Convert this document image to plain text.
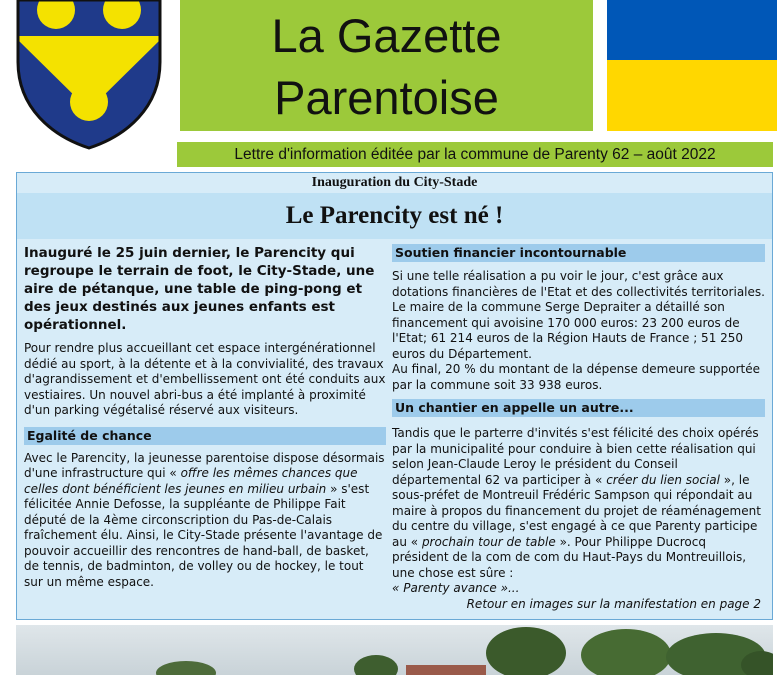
La Gazette
Parentoise
Lettre d'information éditée par la commune de Parenty 62 – août 2022
Inauguration du City-Stade
Le Parencity est né !

Inauguré le 25 juin dernier, le Parencity qui regroupe le terrain de foot, le City-Stade, une aire de pétanque, une table de ping-pong et des jeux destinés aux jeunes enfants est opérationnel.

Pour rendre plus accueillant cet espace intergénérationnel dédié au sport, à la détente et à la convivialité, des travaux d'agrandissement et d'embellissement ont été conduits aux vestiaires. Un nouvel abri-bus a été implanté à proximité d'un parking végétalisé réservé aux visiteurs.

Egalité de chance

Avec le Parencity, la jeunesse parentoise dispose désormais d'une infrastructure qui « offre les mêmes chances que celles dont bénéficient les jeunes en milieu urbain » s'est félicitée Annie Defosse, la suppléante de Philippe Fait député de la 4ème circonscription du Pas-de-Calais fraîchement élu. Ainsi, le City-Stade présente l'avantage de pouvoir accueillir des rencontres de hand-ball, de basket, de tennis, de badminton, de volley ou de hockey, le tout sur un même espace.

Soutien financier incontournable

Si une telle réalisation a pu voir le jour, c'est grâce aux dotations financières de l'Etat et des collectivités territoriales. Le maire de la commune Serge Depraiter a détaillé son financement qui avoisine 170 000 euros: 23 200 euros de l'Etat; 61 214 euros de la Région Hauts de France ; 51 250 euros du Département.

Au final, 20 % du montant de la dépense demeure supportée par la commune soit 33 938 euros.

Un chantier en appelle un autre...

Tandis que le parterre d'invités s'est félicité des choix opérés par la municipalité pour conduire à bien cette réalisation qui selon Jean-Claude Leroy le président du Conseil départemental 62 va participer à « créer du lien social », le sous-préfet de Montreuil Frédéric Sampson qui répondait au maire à propos du financement du projet de réaménagement du centre du village, s'est engagé à ce que Parenty participe au « prochain tour de table ». Pour Philippe Ducrocq président de la com de com du Haut-Pays du Montreuillois, une chose est sûre :
« Parenty avance »...

Retour en images sur la manifestation en page 2
